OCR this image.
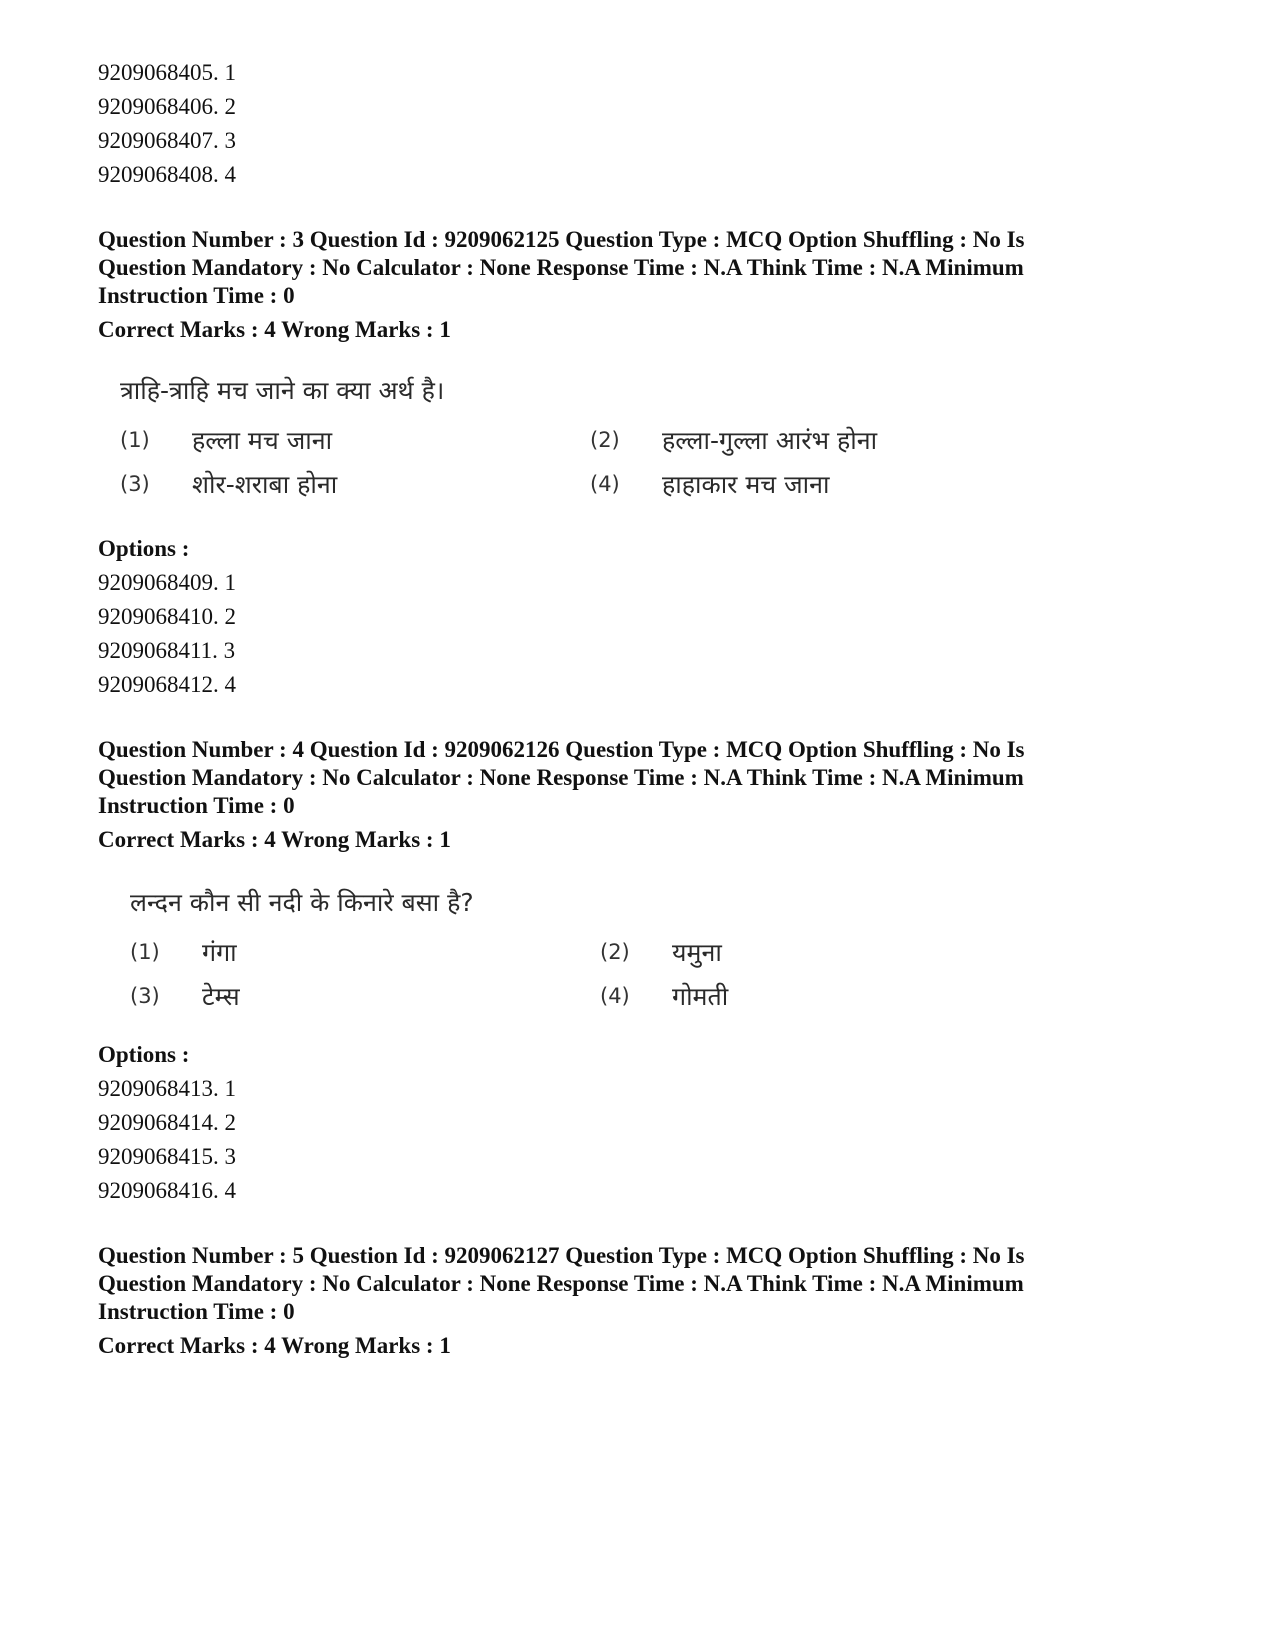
9209068405. 1
9209068406. 2
9209068407. 3
9209068408. 4
Question Number : 3 Question Id : 9209062125 Question Type : MCQ Option Shuffling : No Is Question Mandatory : No Calculator : None Response Time : N.A Think Time : N.A Minimum Instruction Time : 0
Correct Marks : 4 Wrong Marks : 1
त्राहि-त्राहि मच जाने का क्या अर्थ है।
(1)	हल्ला मच जाना	(2)	हल्ला-गुल्ला आरंभ होना
(3)	शोर-शराबा होना	(4)	हाहाकार मच जाना
Options :
9209068409. 1
9209068410. 2
9209068411. 3
9209068412. 4
Question Number : 4 Question Id : 9209062126 Question Type : MCQ Option Shuffling : No Is Question Mandatory : No Calculator : None Response Time : N.A Think Time : N.A Minimum Instruction Time : 0
Correct Marks : 4 Wrong Marks : 1
लन्दन कौन सी नदी के किनारे बसा है?
(1)	गंगा	(2)	यमुना
(3)	टेम्स	(4)	गोमती
Options :
9209068413. 1
9209068414. 2
9209068415. 3
9209068416. 4
Question Number : 5 Question Id : 9209062127 Question Type : MCQ Option Shuffling : No Is Question Mandatory : No Calculator : None Response Time : N.A Think Time : N.A Minimum Instruction Time : 0
Correct Marks : 4 Wrong Marks : 1
